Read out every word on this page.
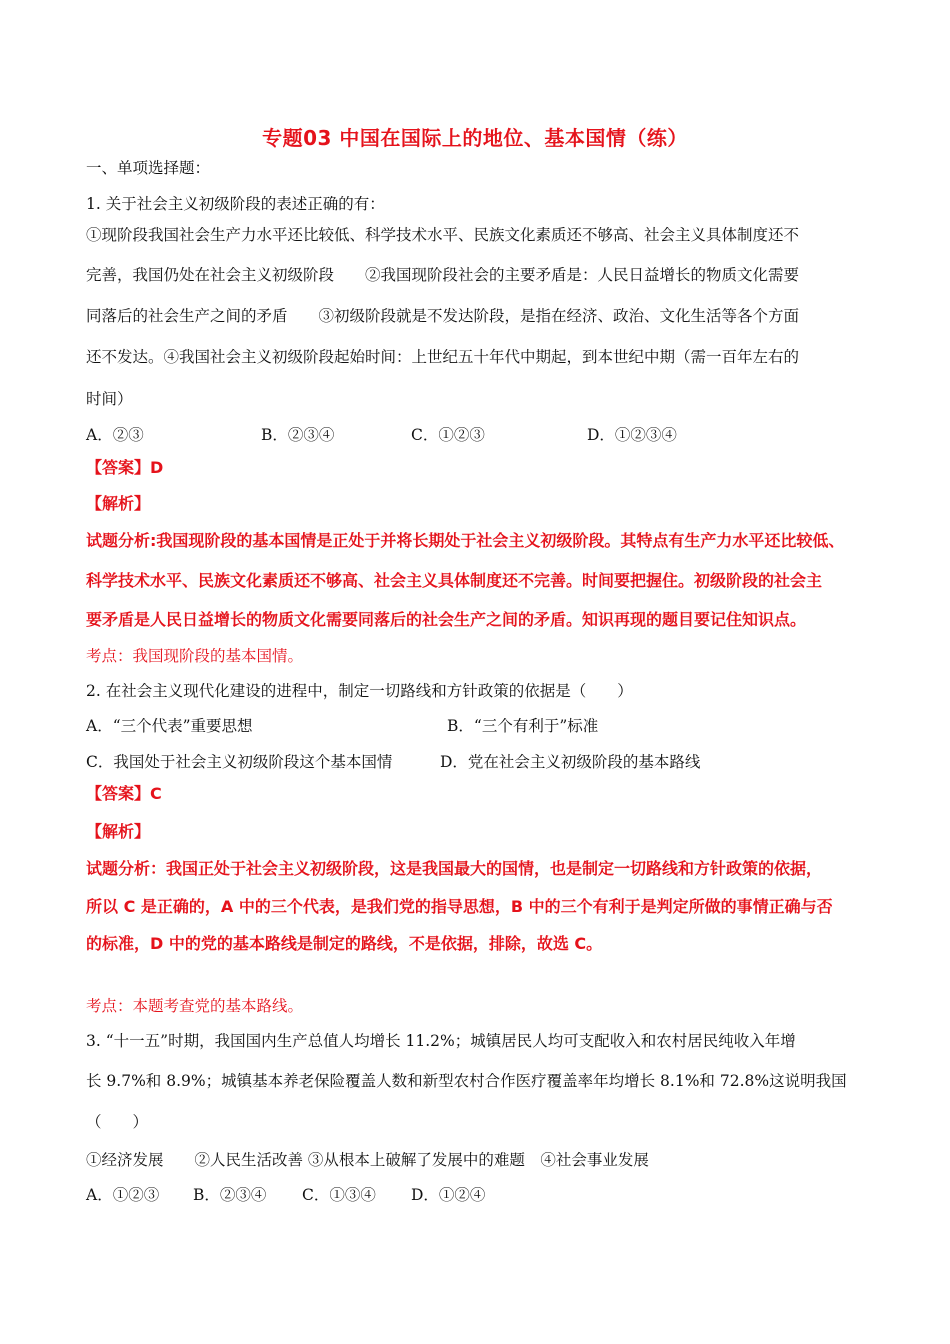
专题03 中国在国际上的地位、基本国情（练）
一、单项选择题：
1. 关于社会主义初级阶段的表述正确的有：
①现阶段我国社会生产力水平还比较低、科学技术水平、民族文化素质还不够高、社会主义具体制度还不
完善，我国仍处在社会主义初级阶段　　②我国现阶段社会的主要矛盾是：人民日益增长的物质文化需要
同落后的社会生产之间的矛盾　　③初级阶段就是不发达阶段，是指在经济、政治、文化生活等各个方面
还不发达。④我国社会主义初级阶段起始时间：上世纪五十年代中期起，到本世纪中期（需一百年左右的
时间）
A．②③	B．②③④	C．①②③	D．①②③④
【答案】D
【解析】
试题分析:我国现阶段的基本国情是正处于并将长期处于社会主义初级阶段。其特点有生产力水平还比较低、
科学技术水平、民族文化素质还不够高、社会主义具体制度还不完善。时间要把握住。初级阶段的社会主
要矛盾是人民日益增长的物质文化需要同落后的社会生产之间的矛盾。知识再现的题目要记住知识点。
考点：我国现阶段的基本国情。
2. 在社会主义现代化建设的进程中，制定一切路线和方针政策的依据是（　　）
A．“三个代表”重要思想	B．“三个有利于”标准
C．我国处于社会主义初级阶段这个基本国情	D．党在社会主义初级阶段的基本路线
【答案】C
【解析】
试题分析：我国正处于社会主义初级阶段，这是我国最大的国情，也是制定一切路线和方针政策的依据，
所以 C 是正确的，A 中的三个代表，是我们党的指导思想，B 中的三个有利于是判定所做的事情正确与否
的标准，D 中的党的基本路线是制定的路线，不是依据，排除，故选 C。
考点：本题考查党的基本路线。
3. “十一五”时期，我国国内生产总值人均增长 11.2%；城镇居民人均可支配收入和农村居民纯收入年增
长 9.7%和 8.9%；城镇基本养老保险覆盖人数和新型农村合作医疗覆盖率年均增长 8.1%和 72.8%这说明我国
（　　）
①经济发展　　②人民生活改善 ③从根本上破解了发展中的难题　④社会事业发展
A．①②③ B．②③④ C．①③④ D．①②④
